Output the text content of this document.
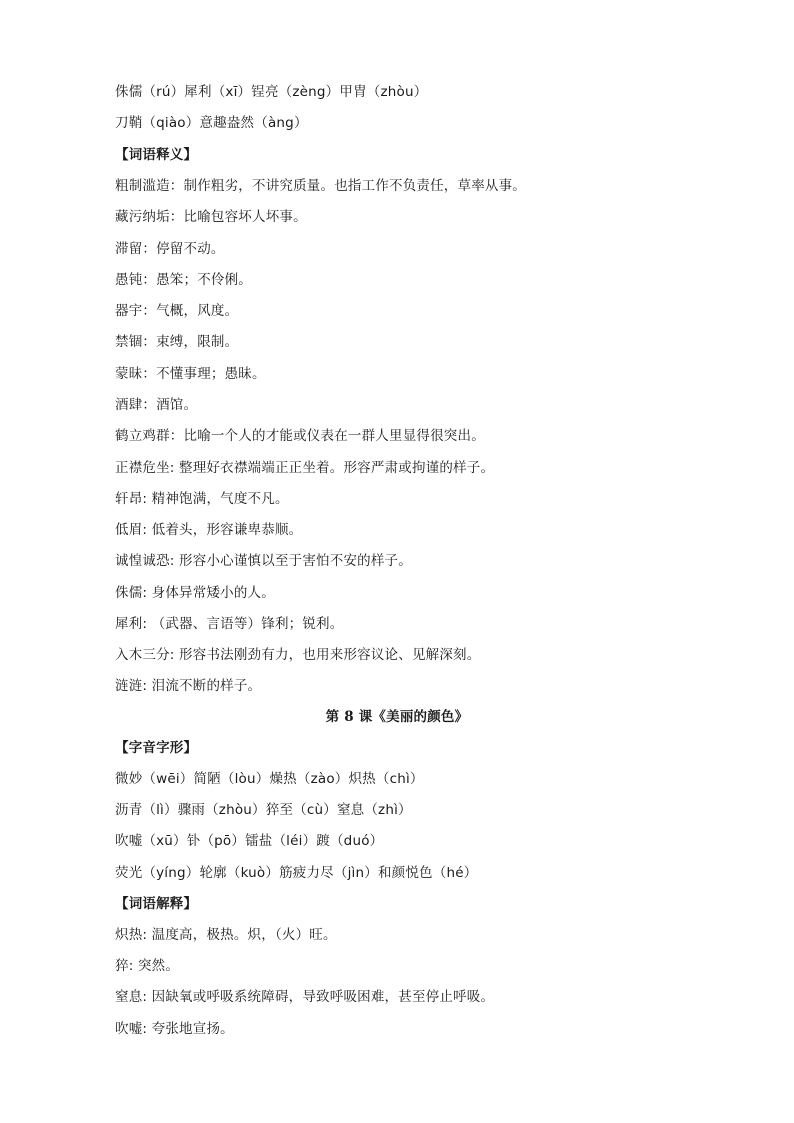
侏儒（rú）犀利（xī）锃亮（zèng）甲胄（zhòu）
刀鞘（qiào）意趣盎然（àng）
【词语释义】
粗制滥造：制作粗劣，不讲究质量。也指工作不负责任，草率从事。
藏污纳垢：比喻包容坏人坏事。
滞留：停留不动。
愚钝：愚笨；不伶俐。
器宇：气概，风度。
禁锢：束缚，限制。
蒙昧：不懂事理；愚昧。
酒肆：酒馆。
鹤立鸡群：比喻一个人的才能或仪表在一群人里显得很突出。
正襟危坐: 整理好衣襟端端正正坐着。形容严肃或拘谨的样子。
轩昂: 精神饱满，气度不凡。
低眉: 低着头，形容谦卑恭顺。
诚惶诚恐: 形容小心谨慎以至于害怕不安的样子。
侏儒: 身体异常矮小的人。
犀利: （武器、言语等）锋利；锐利。
入木三分: 形容书法刚劲有力，也用来形容议论、见解深刻。
涟涟: 泪流不断的样子。
第 8 课《美丽的颜色》
【字音字形】
微妙（wēi）简陋（lòu）燥热（zào）炽热（chì）
沥青（lì）骤雨（zhòu）猝至（cù）窒息（zhì）
吹嘘（xū）钋（pō）镭盐（léi）踱（duó）
荧光（yíng）轮廓（kuò）筋疲力尽（jìn）和颜悦色（hé）
【词语解释】
炽热: 温度高，极热。炽，（火）旺。
猝: 突然。
窒息: 因缺氧或呼吸系统障碍，导致呼吸困难，甚至停止呼吸。
吹嘘: 夸张地宣扬。
